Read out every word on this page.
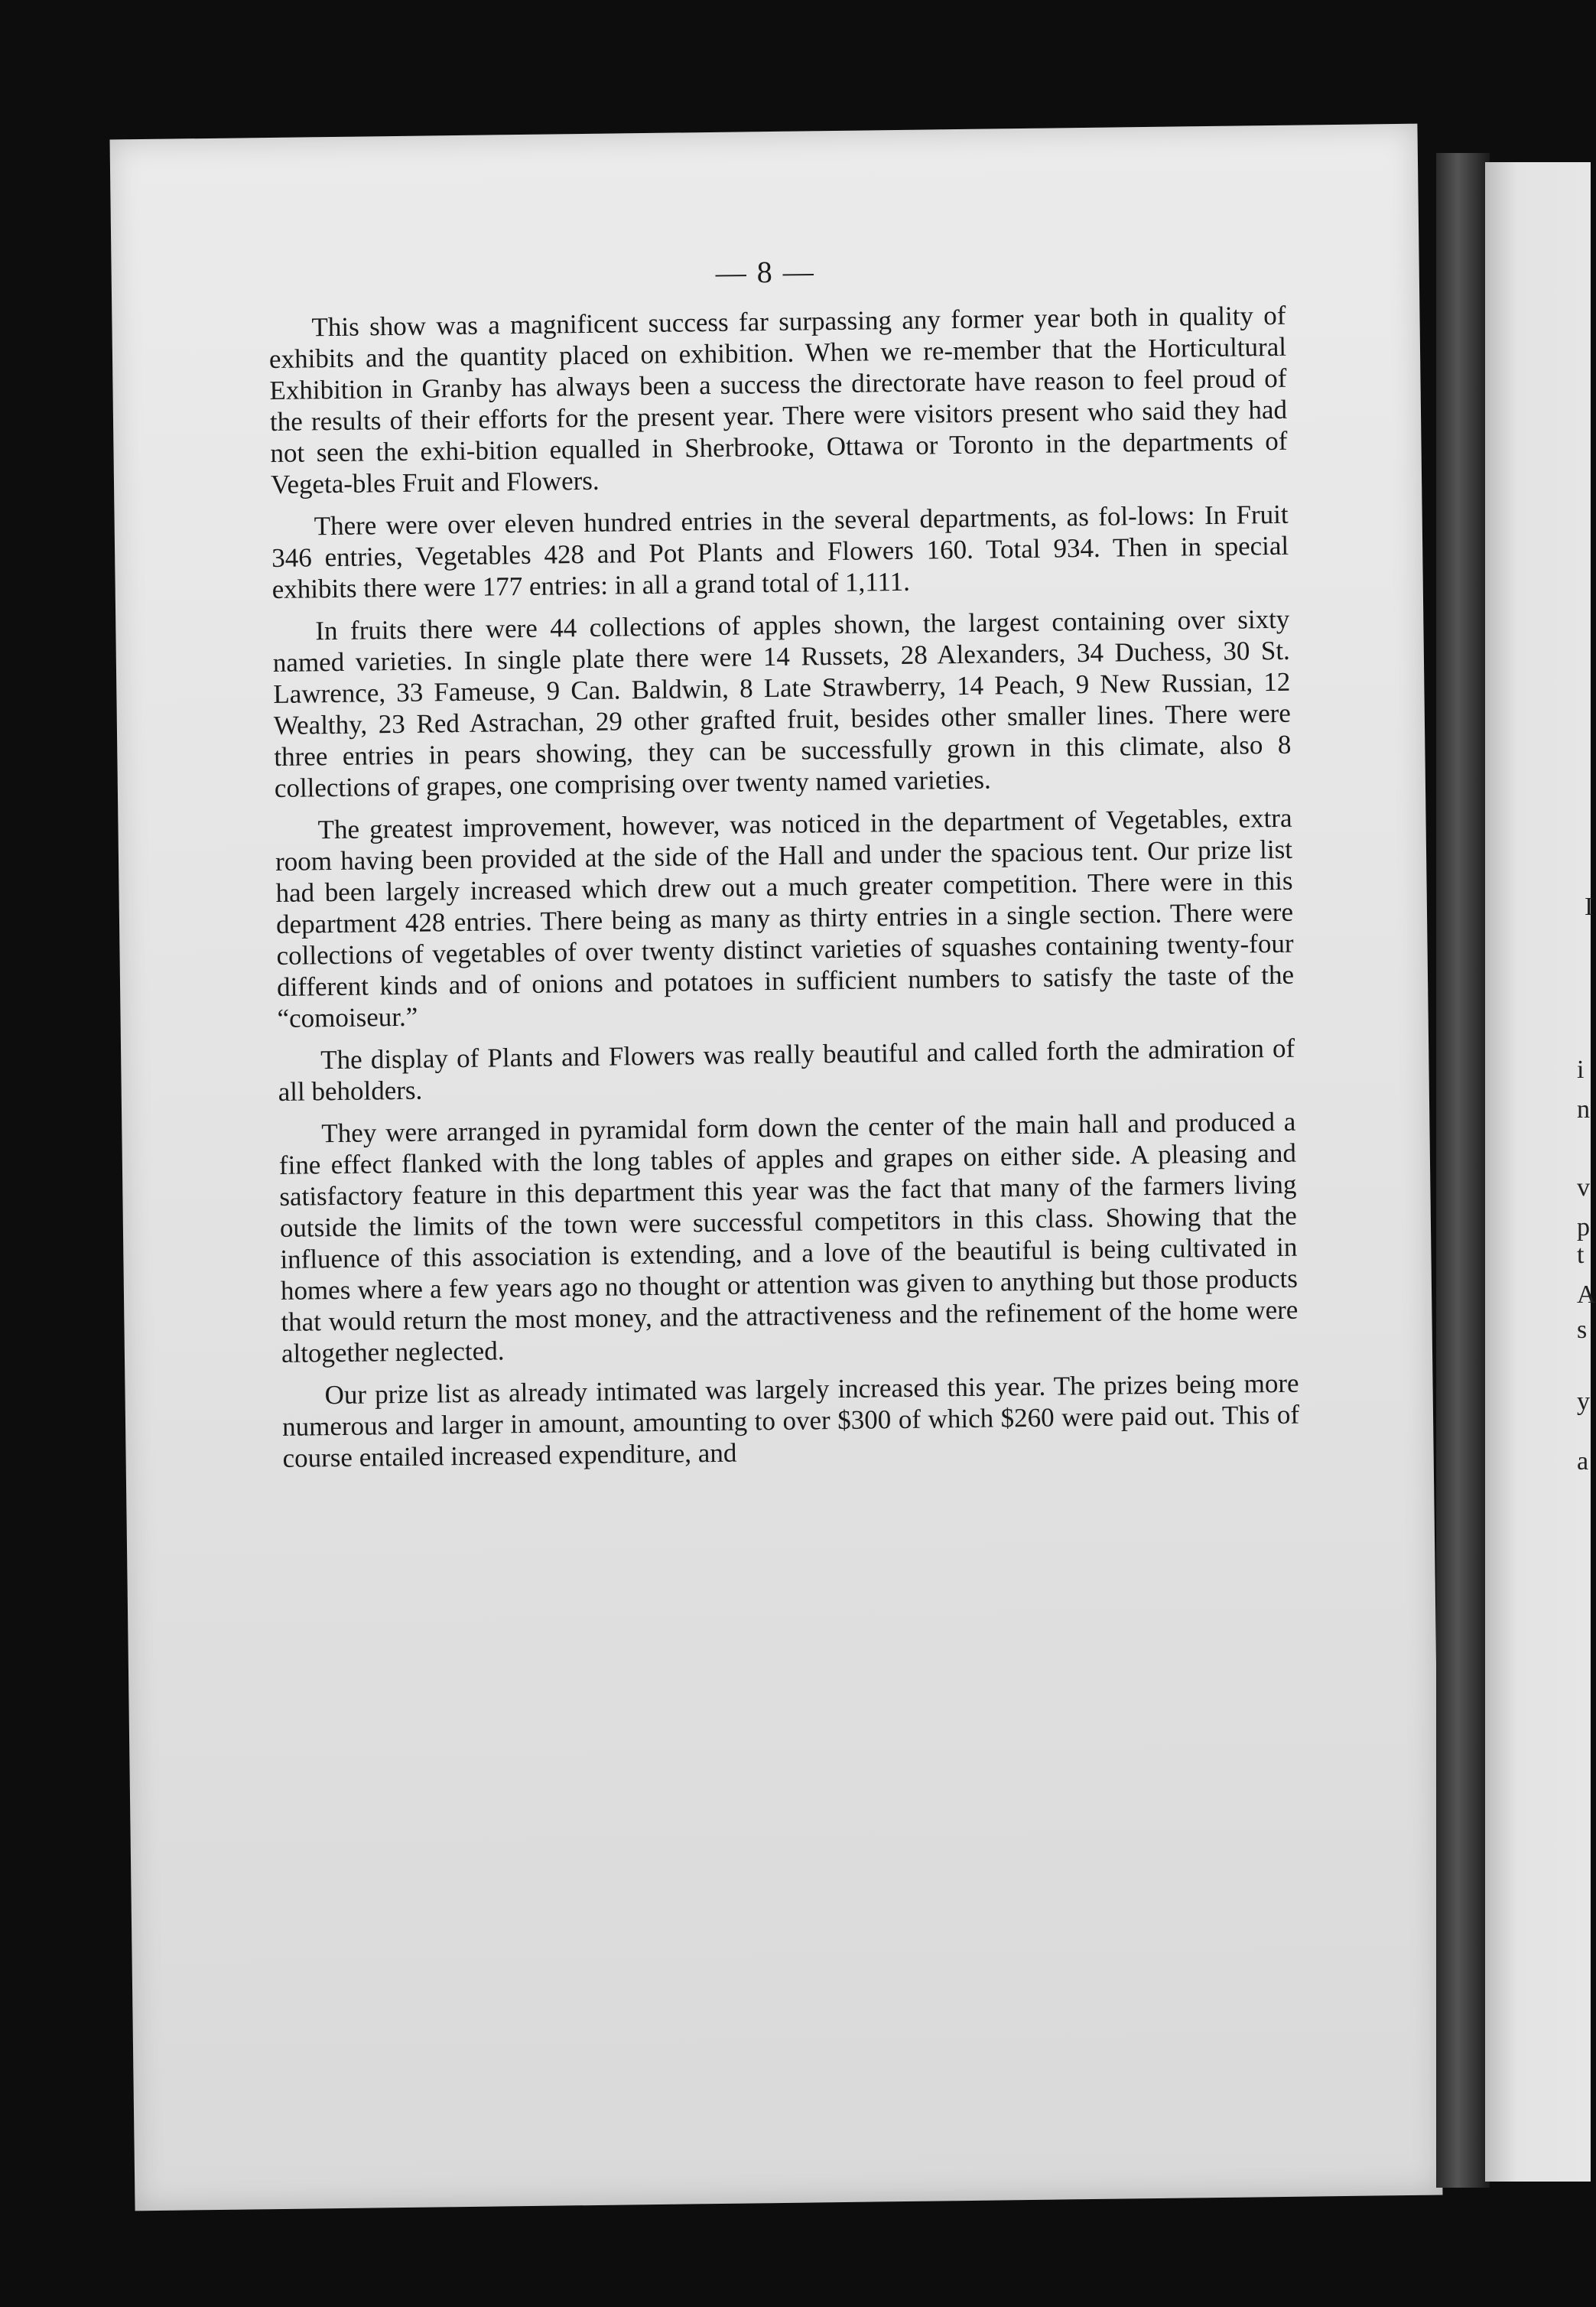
— 8 —

This show was a magnificent success far surpassing any former year both in quality of exhibits and the quantity placed on exhibition. When we re-member that the Horticultural Exhibition in Granby has always been a success the directorate have reason to feel proud of the results of their efforts for the present year. There were visitors present who said they had not seen the exhi-bition equalled in Sherbrooke, Ottawa or Toronto in the departments of Vegeta-bles Fruit and Flowers.

There were over eleven hundred entries in the several departments, as fol-lows: In Fruit 346 entries, Vegetables 428 and Pot Plants and Flowers 160. Total 934. Then in special exhibits there were 177 entries: in all a grand total of 1,111.

In fruits there were 44 collections of apples shown, the largest containing over sixty named varieties. In single plate there were 14 Russets, 28 Alexanders, 34 Duchess, 30 St. Lawrence, 33 Fameuse, 9 Can. Baldwin, 8 Late Strawberry, 14 Peach, 9 New Russian, 12 Wealthy, 23 Red Astrachan, 29 other grafted fruit, besides other smaller lines. There were three entries in pears showing, they can be successfully grown in this climate, also 8 collections of grapes, one comprising over twenty named varieties.

The greatest improvement, however, was noticed in the department of Vegetables, extra room having been provided at the side of the Hall and under the spacious tent. Our prize list had been largely increased which drew out a much greater competition. There were in this department 428 entries. There being as many as thirty entries in a single section. There were collections of vegetables of over twenty distinct varieties of squashes containing twenty-four different kinds and of onions and potatoes in sufficient numbers to satisfy the taste of the “comoiseur.”

The display of Plants and Flowers was really beautiful and called forth the admiration of all beholders.

They were arranged in pyramidal form down the center of the main hall and produced a fine effect flanked with the long tables of apples and grapes on either side. A pleasing and satisfactory feature in this department this year was the fact that many of the farmers living outside the limits of the town were successful competitors in this class. Showing that the influence of this association is extending, and a love of the beautiful is being cultivated in homes where a few years ago no thought or attention was given to anything but those products that would return the most money, and the attractiveness and the refinement of the home were altogether neglected.

Our prize list as already intimated was largely increased this year. The prizes being more numerous and larger in amount, amounting to over $300 of which $260 were paid out. This of course entailed increased expenditure, and

I
i
n
v
p
t
A
s
y
a
